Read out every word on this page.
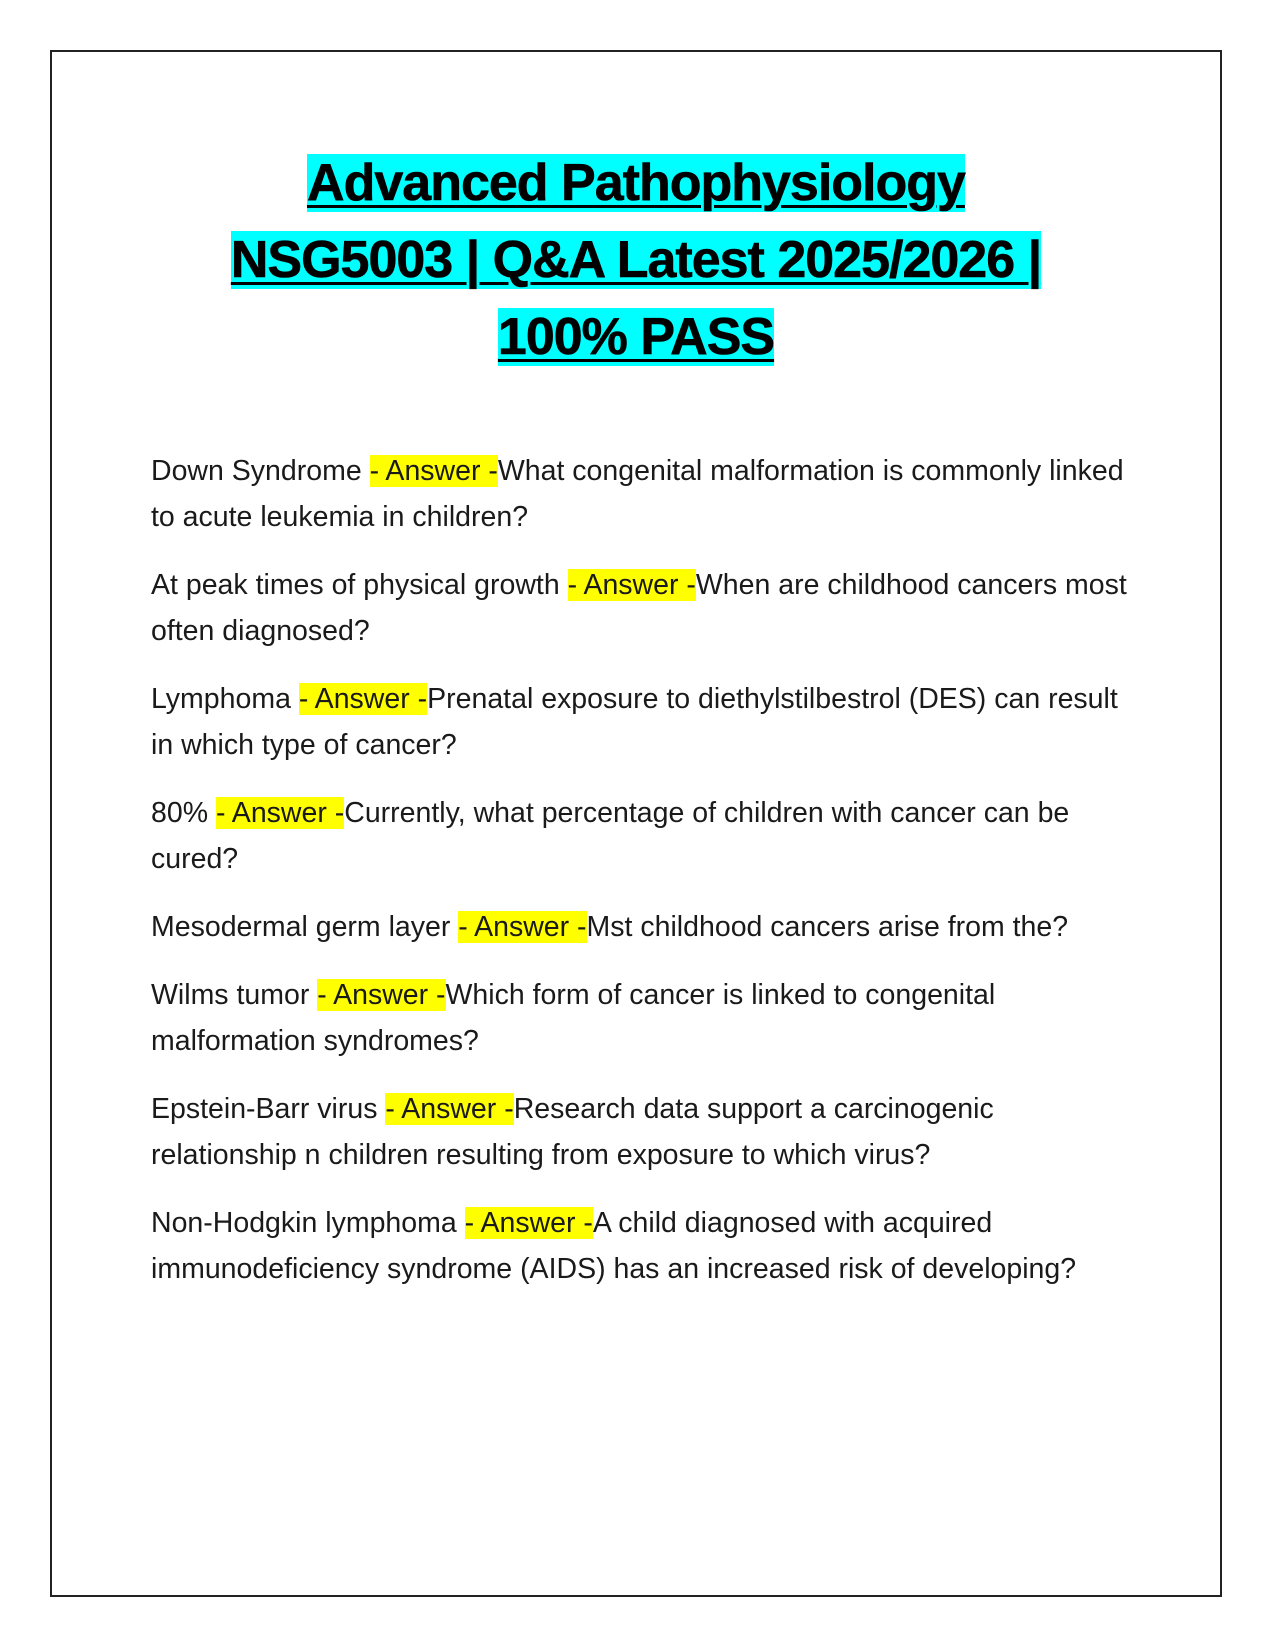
Advanced Pathophysiology
NSG5003 | Q&A Latest 2025/2026 |
100% PASS
Down Syndrome - Answer -What congenital malformation is commonly linked to acute leukemia in children?
At peak times of physical growth - Answer -When are childhood cancers most often diagnosed?
Lymphoma - Answer -Prenatal exposure to diethylstilbestrol (DES) can result in which type of cancer?
80% - Answer -Currently, what percentage of children with cancer can be cured?
Mesodermal germ layer - Answer -Mst childhood cancers arise from the?
Wilms tumor - Answer -Which form of cancer is linked to congenital malformation syndromes?
Epstein-Barr virus - Answer -Research data support a carcinogenic relationship n children resulting from exposure to which virus?
Non-Hodgkin lymphoma - Answer -A child diagnosed with acquired immunodeficiency syndrome (AIDS) has an increased risk of developing?
